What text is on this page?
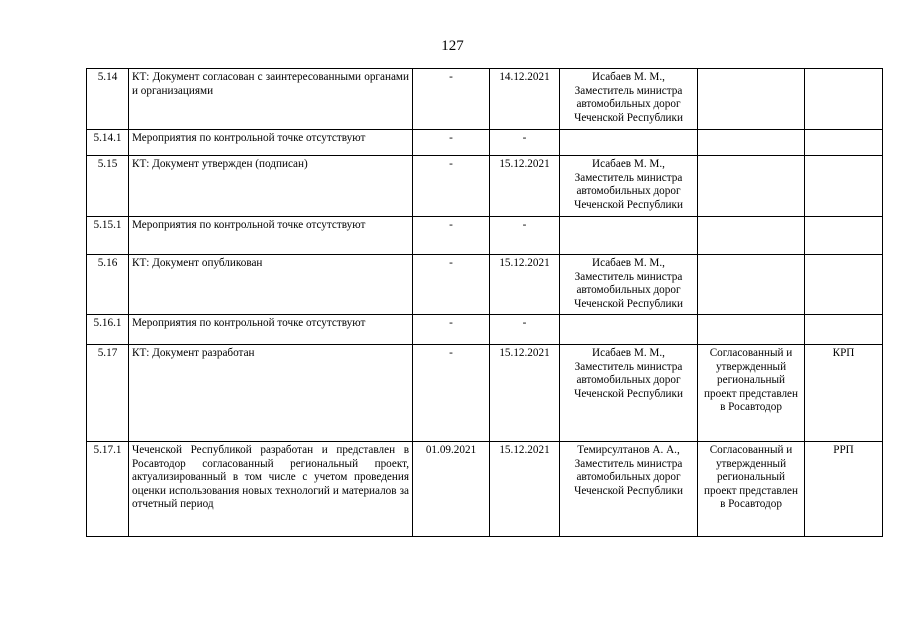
127
5.14	КТ: Документ согласован с заинтересованными органами и организациями	-	14.12.2021	Исабаев М. М., Заместитель министра автомобильных дорог Чеченской Республики		
5.14.1	Мероприятия по контрольной точке отсутствуют	-	-			
5.15	КТ: Документ утвержден (подписан)	-	15.12.2021	Исабаев М. М., Заместитель министра автомобильных дорог Чеченской Республики		
5.15.1	Мероприятия по контрольной точке отсутствуют	-	-			
5.16	КТ: Документ опубликован	-	15.12.2021	Исабаев М. М., Заместитель министра автомобильных дорог Чеченской Республики		
5.16.1	Мероприятия по контрольной точке отсутствуют	-	-			
5.17	КТ: Документ разработан	-	15.12.2021	Исабаев М. М., Заместитель министра автомобильных дорог Чеченской Республики	Согласованный и утвержденный региональный проект представлен в Росавтодор	КРП
5.17.1	Чеченской Республикой разработан и представлен в Росавтодор согласованный региональный проект, актуализированный в том числе с учетом проведения оценки использования новых технологий и материалов за отчетный период	01.09.2021	15.12.2021	Темирсултанов А. А., Заместитель министра автомобильных дорог Чеченской Республики	Согласованный и утвержденный региональный проект представлен в Росавтодор	РРП
